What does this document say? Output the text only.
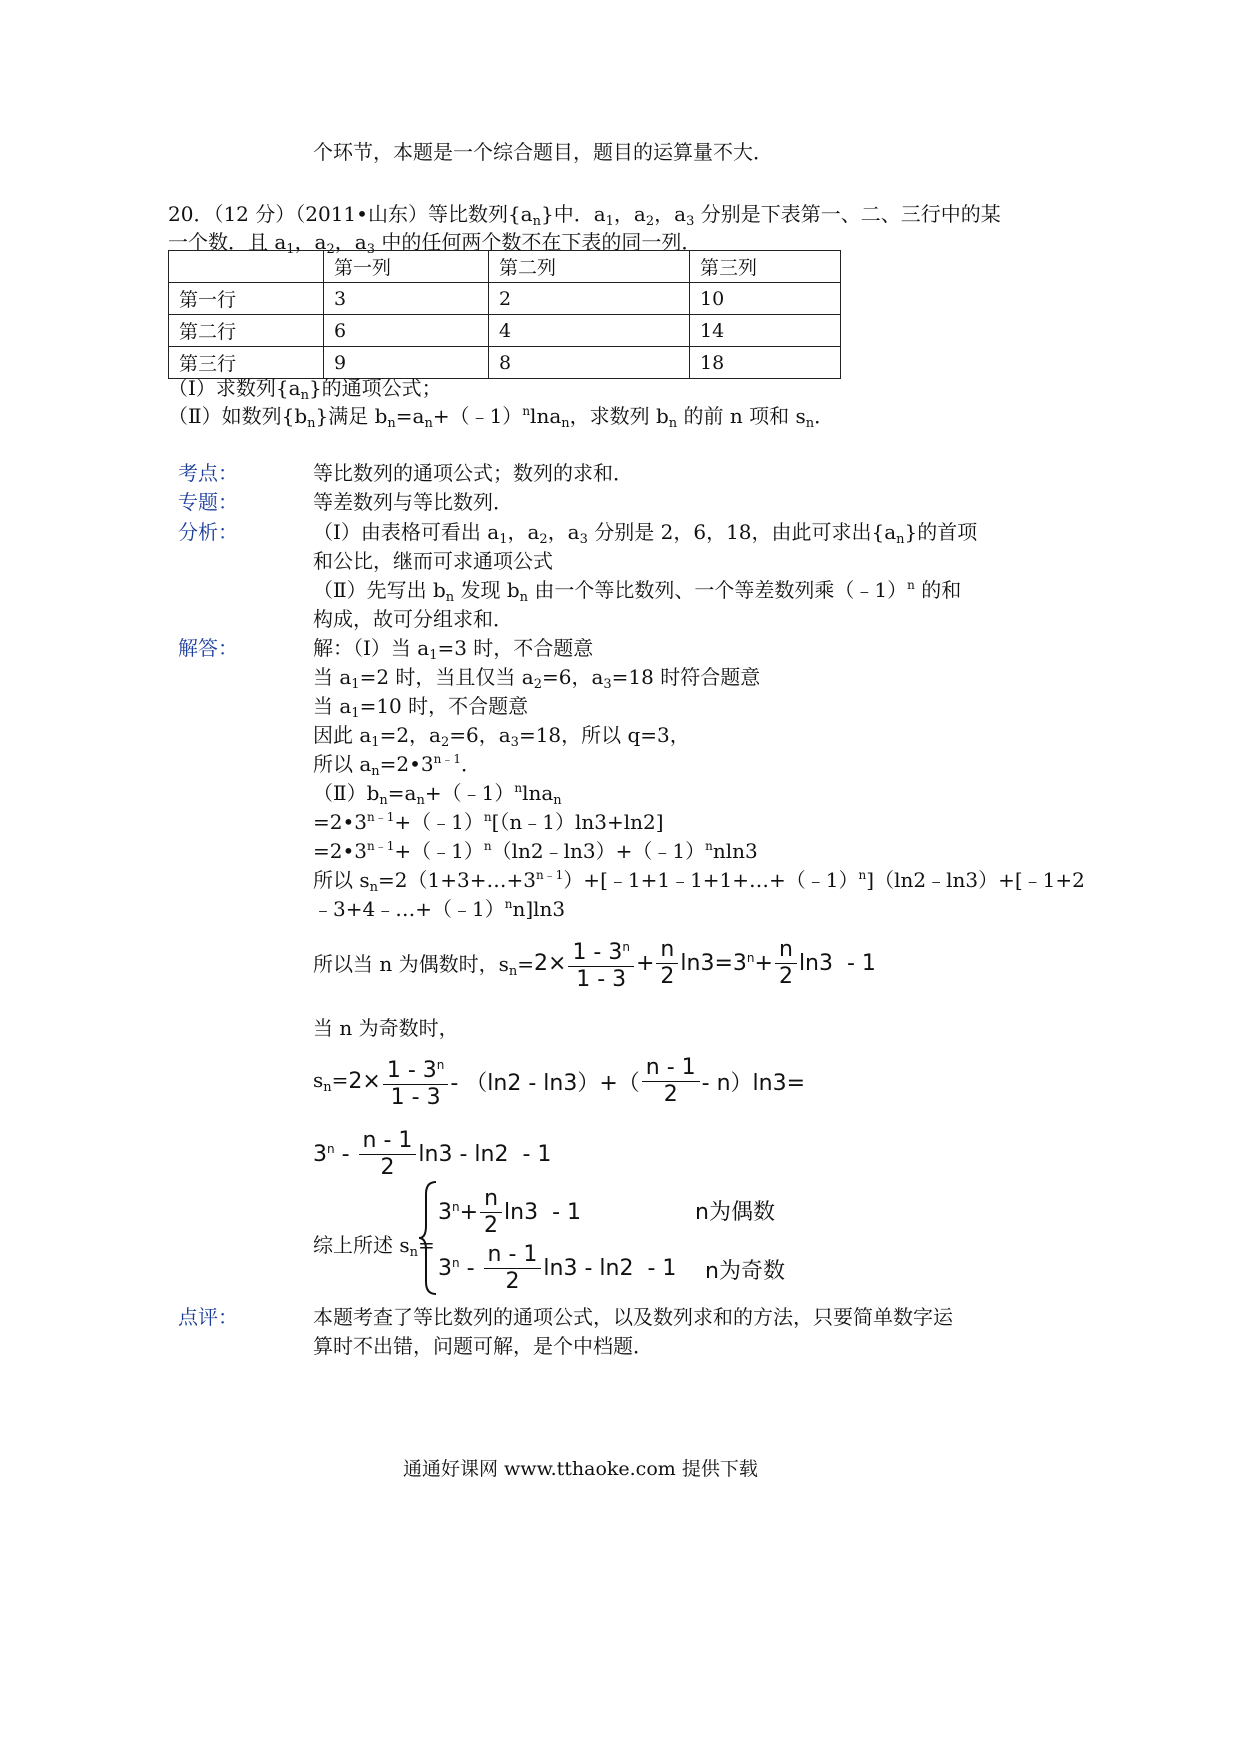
个环节，本题是一个综合题目，题目的运算量不大．
20．（12 分）（2011•山东）等比数列$\{a_n\}$中．$a_1$，$a_2$，$a_3$ 分别是下表第一、二、三行中的某
一个数．且 $a_1$，$a_2$，$a_3$ 中的任何两个数不在下表的同一列．
	第一列	第二列	第三列
第一行	3	2	10
第二行	6	4	14
第三行	9	8	18
（Ⅰ）求数列$\{a_n\}$的通项公式；
（Ⅱ）如数列$\{b_n\}$满足 $b_n=a_n+(﹣1)^n\ln a_n$，求数列 $b_n$ 的前 n 项和 $s_n$．
考点：	等比数列的通项公式；数列的求和．
专题：	等差数列与等比数列．
分析：	（Ⅰ）由表格可看出 $a_1$，$a_2$，$a_3$ 分别是 2，6，18，由此可求出$\{a_n\}$的首项
和公比，继而可求通项公式
（Ⅱ）先写出 $b_n$ 发现 $b_n$ 由一个等比数列、一个等差数列乘（﹣1）$^n$ 的和
构成，故可分组求和．
解答：	解：（Ⅰ）当 $a_1=3$ 时，不合题意
当 $a_1=2$ 时，当且仅当 $a_2=6$，$a_3=18$ 时符合题意
当 $a_1=10$ 时，不合题意
因此 $a_1=2$，$a_2=6$，$a_3=18$，所以 q=3，
所以 $a_n=2•3^{n﹣1}$．
$(Ⅱ)b_n=a_n+(﹣1)^n\ln a_n$
$=2•3^{n﹣1}+(﹣1)^n[(n﹣1)\ln 3+\ln 2]$
$=2•3^{n﹣1}+(﹣1)^n(\ln 2﹣\ln 3)+(﹣1)^nnln3$
所以 $s_n=2(1+3+\dots+3^{n﹣1})+[﹣1+1﹣1+1+\dots+(﹣1)^n](\ln 2﹣\ln 3)+[﹣1+2$
﹣3+4﹣…+（﹣1）$^n$n]ln3
所以当 n 为偶数时，$s_n=2\times \frac{1 - 3^n}{1 - 3} + \frac{n}{2} \ln 3=3^n+ \frac{n}{2} \ln 3 - 1$
当 n 为奇数时，
$s_n=2\times \frac{1 - 3^n}{1 - 3} - (\ln 2 - \ln 3)+( \frac{n - 1}{2} - n)\ln 3=$
$3^n - \frac{n - 1}{2} \ln 3 - \ln 2 - 1$
综上所述 $s_n=$
$3^n+ \frac{n}{2} \ln 3 - 1$	n为偶数
$3^n - \frac{n - 1}{2} \ln 3 - \ln 2 - 1$ n为奇数
点评：	本题考查了等比数列的通项公式，以及数列求和的方法，只要简单数字运
算时不出错，问题可解，是个中档题．
通通好课网 www.tthaoke.com 提供下载
